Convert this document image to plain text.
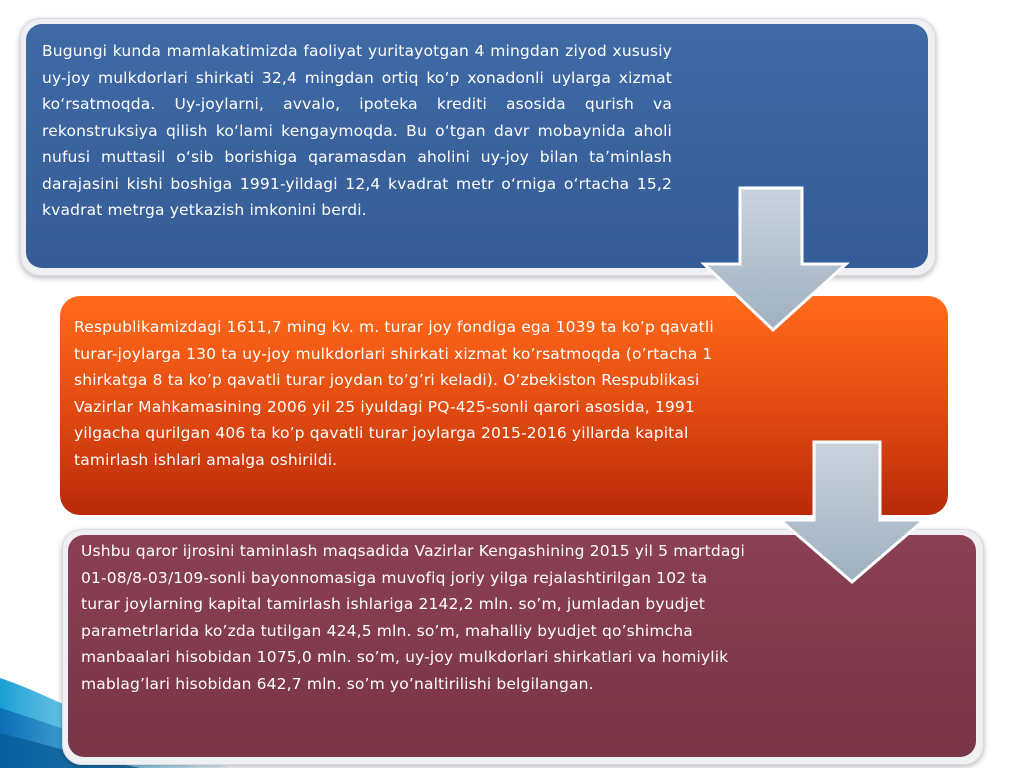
Bugungi kunda mamlakatimizda faoliyat yuritayotgan 4 mingdan ziyod xususiy uy-joy mulkdorlari shirkati 32,4 mingdan ortiq ko‘p xonadonli uylarga xizmat ko‘rsatmoqda. Uy-joylarni, avvalo, ipoteka krediti asosida qurish va rekonstruksiya qilish ko‘lami kengaymoqda. Bu o‘tgan davr mobaynida aholi nufusi muttasil o‘sib borishiga qaramasdan aholini uy-joy bilan ta’minlash darajasini kishi boshiga 1991-yildagi 12,4 kvadrat metr o‘rniga o‘rtacha 15,2 kvadrat metrga yetkazish imkonini berdi.
Respublikamizdagi 1611,7 ming kv. m. turar joy fondiga ega 1039 ta ko’p qavatli turar-joylarga 130 ta uy-joy mulkdorlari shirkati xizmat ko’rsatmoqda (o’rtacha 1 shirkatga 8 ta ko’p qavatli turar joydan to’g’ri keladi). O’zbekiston Respublikasi Vazirlar Mahkamasining 2006 yil 25 iyuldagi PQ-425-sonli qarori asosida, 1991 yilgacha qurilgan 406 ta ko’p qavatli turar joylarga 2015-2016 yillarda kapital tamirlash ishlari amalga oshirildi.
Ushbu qaror ijrosini taminlash maqsadida Vazirlar Kengashining 2015 yil 5 martdagi 01-08/8-03/109-sonli bayonnomasiga muvofiq joriy yilga rejalashtirilgan 102 ta turar joylarning kapital tamirlash ishlariga 2142,2 mln. so’m, jumladan byudjet parametrlarida ko’zda tutilgan 424,5 mln. so’m, mahalliy byudjet qo’shimcha manbaalari hisobidan 1075,0 mln. so’m, uy-joy mulkdorlari shirkatlari va homiylik mablag’lari hisobidan 642,7 mln. so’m yo’naltirilishi belgilangan.
